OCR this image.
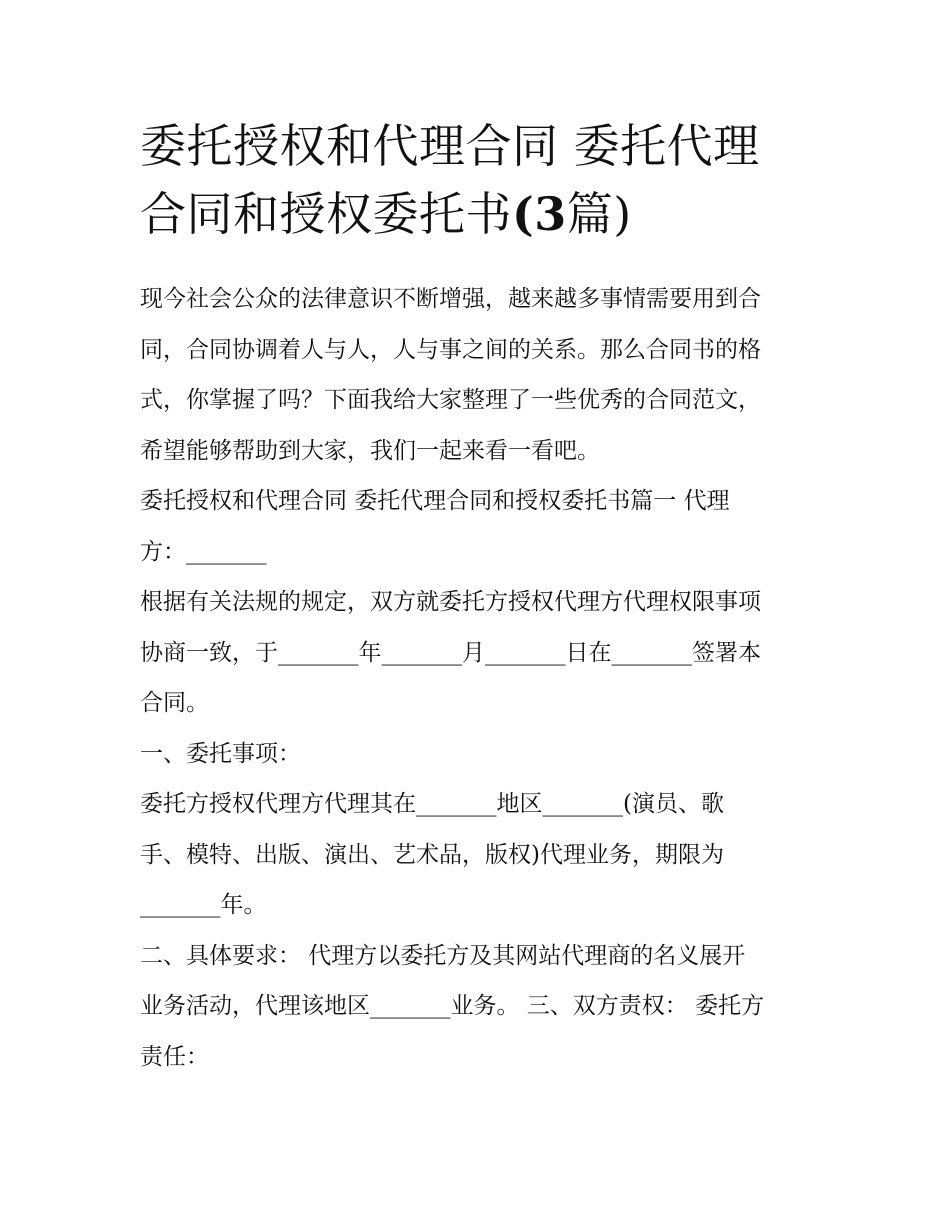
委托授权和代理合同 委托代理
合同和授权委托书(3篇)

现今社会公众的法律意识不断增强，越来越多事情需要用到合
同，合同协调着人与人，人与事之间的关系。那么合同书的格
式，你掌握了吗？下面我给大家整理了一些优秀的合同范文，
希望能够帮助到大家，我们一起来看一看吧。

委托授权和代理合同 委托代理合同和授权委托书篇一 代理
方：_______

根据有关法规的规定，双方就委托方授权代理方代理权限事项
协商一致，于_______年_______月_______日在_______签署本
合同。

一、委托事项：

委托方授权代理方代理其在_______地区_______(演员、歌
手、模特、出版、演出、艺术品，版权)代理业务，期限为
_______年。

二、具体要求： 代理方以委托方及其网站代理商的名义展开
业务活动，代理该地区_______业务。 三、双方责权： 委托方
责任：
